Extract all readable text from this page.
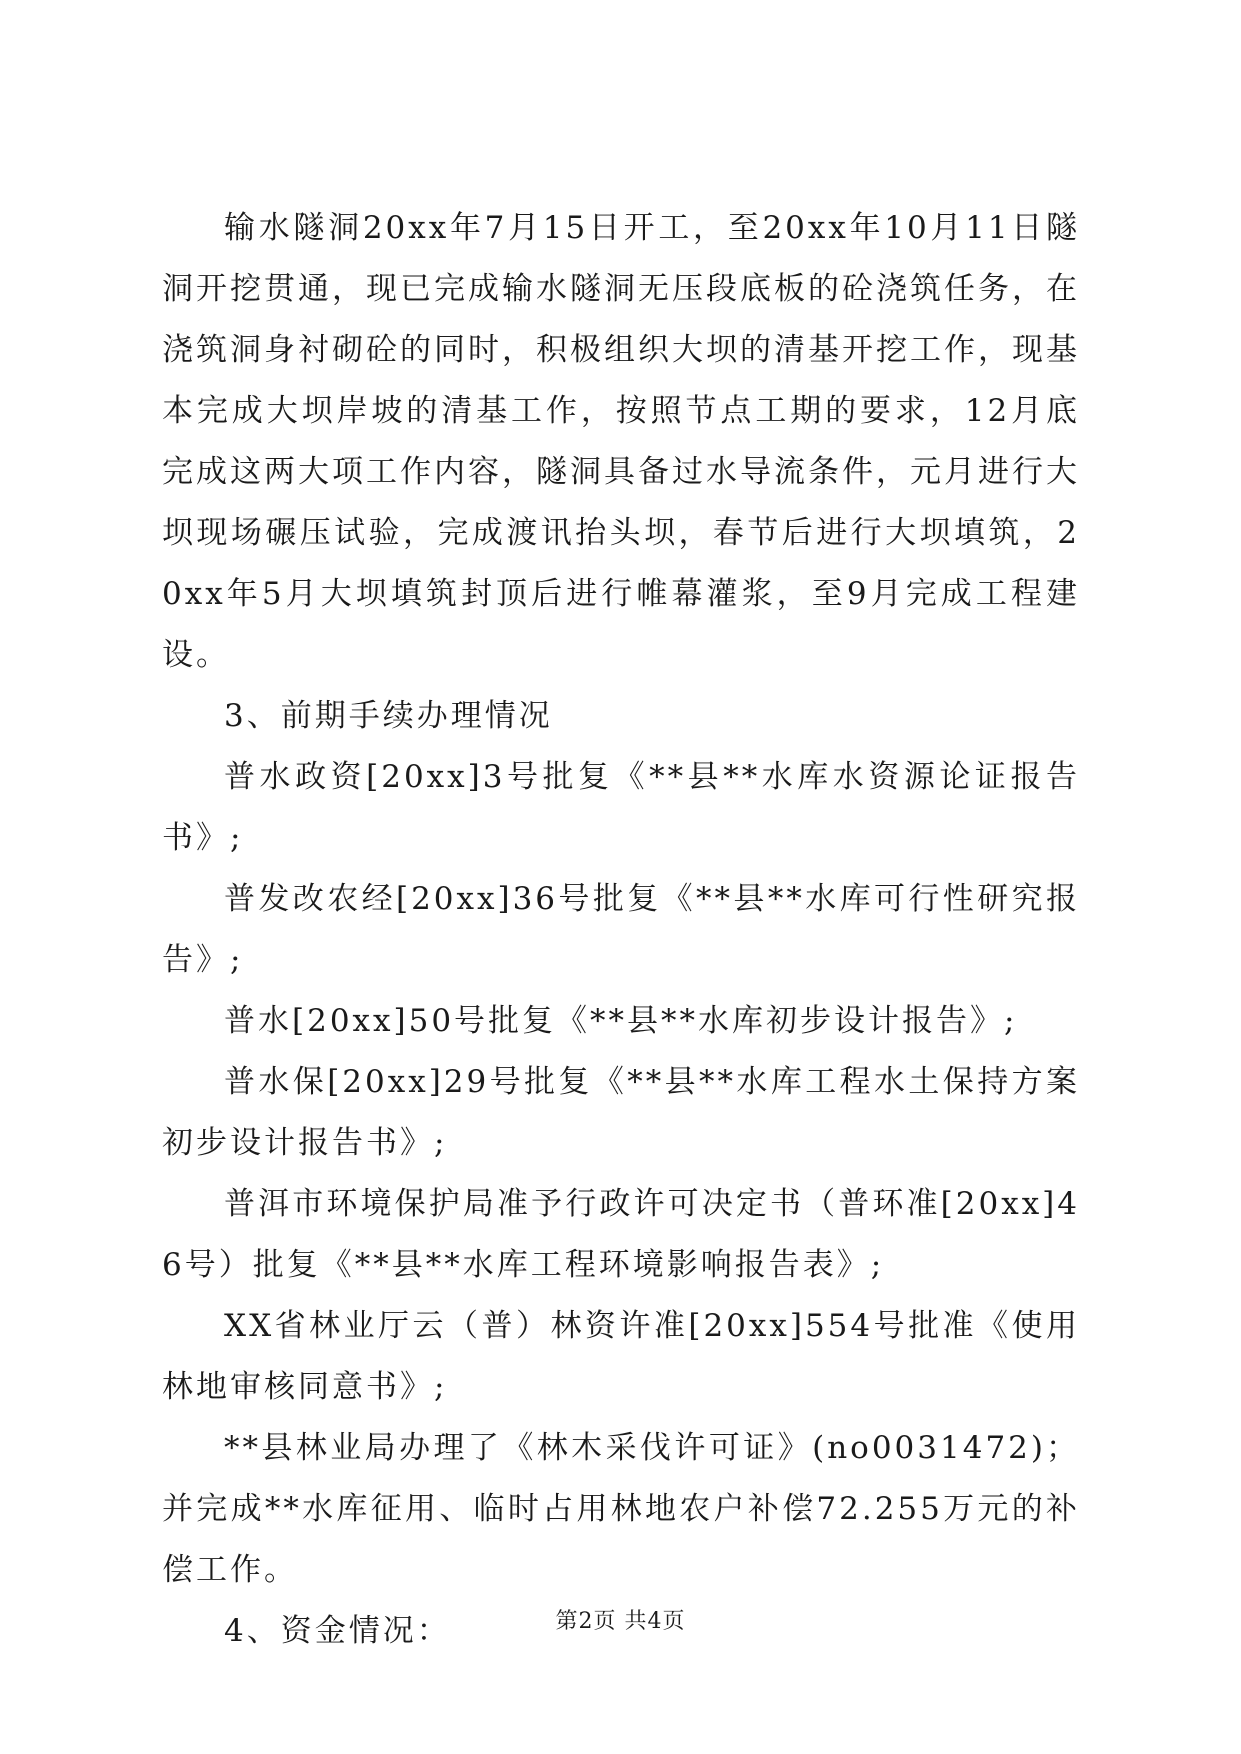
输水隧洞20xx年7月15日开工，至20xx年10月11日隧洞开挖贯通，现已完成输水隧洞无压段底板的砼浇筑任务，在浇筑洞身衬砌砼的同时，积极组织大坝的清基开挖工作，现基本完成大坝岸坡的清基工作，按照节点工期的要求，12月底完成这两大项工作内容，隧洞具备过水导流条件，元月进行大坝现场碾压试验，完成渡讯抬头坝，春节后进行大坝填筑，20xx年5月大坝填筑封顶后进行帷幕灌浆，至9月完成工程建设。

3、前期手续办理情况

普水政资[20xx]3号批复《**县**水库水资源论证报告书》;

普发改农经[20xx]36号批复《**县**水库可行性研究报告》;

普水[20xx]50号批复《**县**水库初步设计报告》;

普水保[20xx]29号批复《**县**水库工程水土保持方案初步设计报告书》;

普洱市环境保护局准予行政许可决定书（普环准[20xx]46号）批复《**县**水库工程环境影响报告表》;

XX省林业厅云（普）林资许准[20xx]554号批准《使用林地审核同意书》;

**县林业局办理了《林木采伐许可证》(no0031472)；并完成**水库征用、临时占用林地农户补偿72.255万元的补偿工作。

4、资金情况：	第2页 共4页
